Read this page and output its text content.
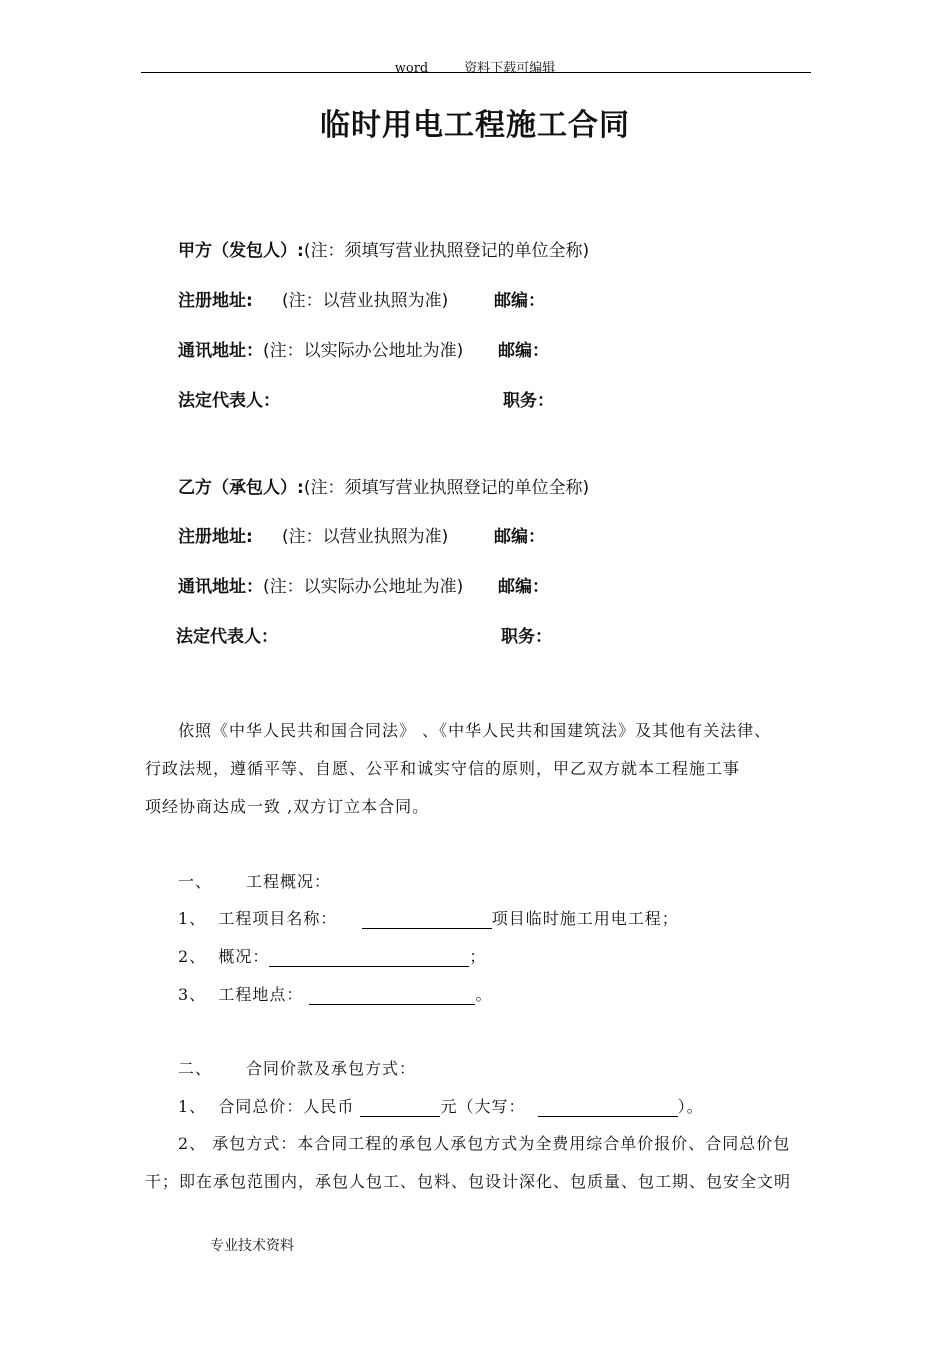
word	资料下载可编辑
临时用电工程施工合同
甲方（发包人）:(注：须填写营业执照登记的单位全称)
注册地址: (注：以营业执照为准)	邮编：
通讯地址：(注：以实际办公地址为准) 邮编：
法定代表人：	职务：
乙方（承包人）:(注：须填写营业执照登记的单位全称)
注册地址: (注：以营业执照为准)	邮编：
通讯地址：(注：以实际办公地址为准) 邮编：
法定代表人：	职务：
依照《中华人民共和国合同法》 、《中华人民共和国建筑法》及其他有关法律、
行政法规，遵循平等、自愿、公平和诚实守信的原则，甲乙双方就本工程施工事
项经协商达成一致 ,双方订立本合同。
一、 工程概况：
1、 工程项目名称：	项目临时施工用电工程；
2、 概况：	；
3、 工程地点：	。
二、 合同价款及承包方式：
1、 合同总价：人民币	元（大写：	）。
2、 承包方式：本合同工程的承包人承包方式为全费用综合单价报价、合同总价包
干；即在承包范围内，承包人包工、包料、包设计深化、包质量、包工期、包安全文明
专业技术资料
